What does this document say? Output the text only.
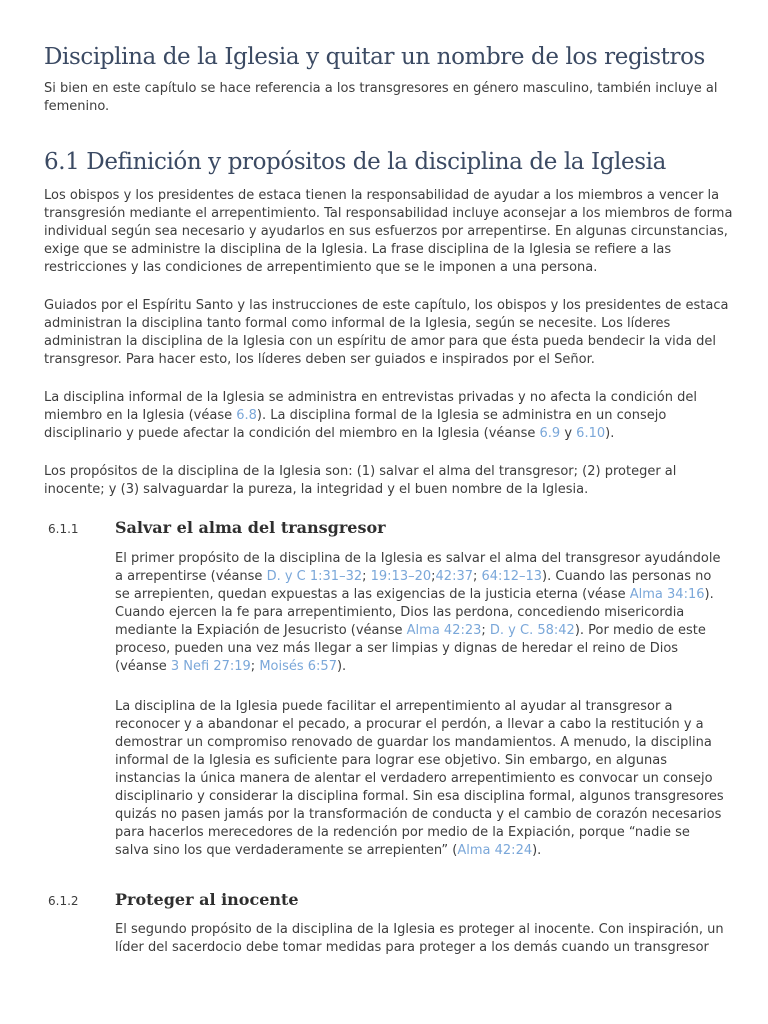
Disciplina de la Iglesia y quitar un nombre de los registros

Si bien en este capítulo se hace referencia a los transgresores en género masculino, también incluye al femenino.

6.1 Definición y propósitos de la disciplina de la Iglesia

Los obispos y los presidentes de estaca tienen la responsabilidad de ayudar a los miembros a vencer la transgresión mediante el arrepentimiento. Tal responsabilidad incluye aconsejar a los miembros de forma individual según sea necesario y ayudarlos en sus esfuerzos por arrepentirse. En algunas circunstancias, exige que se administre la disciplina de la Iglesia. La frase disciplina de la Iglesia se refiere a las restricciones y las condiciones de arrepentimiento que se le imponen a una persona.

Guiados por el Espíritu Santo y las instrucciones de este capítulo, los obispos y los presidentes de estaca administran la disciplina tanto formal como informal de la Iglesia, según se necesite. Los líderes administran la disciplina de la Iglesia con un espíritu de amor para que ésta pueda bendecir la vida del transgresor. Para hacer esto, los líderes deben ser guiados e inspirados por el Señor.

La disciplina informal de la Iglesia se administra en entrevistas privadas y no afecta la condición del miembro en la Iglesia (véase 6.8). La disciplina formal de la Iglesia se administra en un consejo disciplinario y puede afectar la condición del miembro en la Iglesia (véanse 6.9 y 6.10).

Los propósitos de la disciplina de la Iglesia son: (1) salvar el alma del transgresor; (2) proteger al inocente; y (3) salvaguardar la pureza, la integridad y el buen nombre de la Iglesia.

6.1.1 Salvar el alma del transgresor

El primer propósito de la disciplina de la Iglesia es salvar el alma del transgresor ayudándole a arrepentirse (véanse D. y C 1:31–32; 19:13–20;42:37; 64:12–13). Cuando las personas no se arrepienten, quedan expuestas a las exigencias de la justicia eterna (véase Alma 34:16). Cuando ejercen la fe para arrepentimiento, Dios las perdona, concediendo misericordia mediante la Expiación de Jesucristo (véanse Alma 42:23; D. y C. 58:42). Por medio de este proceso, pueden una vez más llegar a ser limpias y dignas de heredar el reino de Dios (véanse 3 Nefi 27:19; Moisés 6:57).

La disciplina de la Iglesia puede facilitar el arrepentimiento al ayudar al transgresor a reconocer y a abandonar el pecado, a procurar el perdón, a llevar a cabo la restitución y a demostrar un compromiso renovado de guardar los mandamientos. A menudo, la disciplina informal de la Iglesia es suficiente para lograr ese objetivo. Sin embargo, en algunas instancias la única manera de alentar el verdadero arrepentimiento es convocar un consejo disciplinario y considerar la disciplina formal. Sin esa disciplina formal, algunos transgresores quizás no pasen jamás por la transformación de conducta y el cambio de corazón necesarios para hacerlos merecedores de la redención por medio de la Expiación, porque “nadie se salva sino los que verdaderamente se arrepienten” (Alma 42:24).

6.1.2 Proteger al inocente

El segundo propósito de la disciplina de la Iglesia es proteger al inocente. Con inspiración, un líder del sacerdocio debe tomar medidas para proteger a los demás cuando un transgresor
